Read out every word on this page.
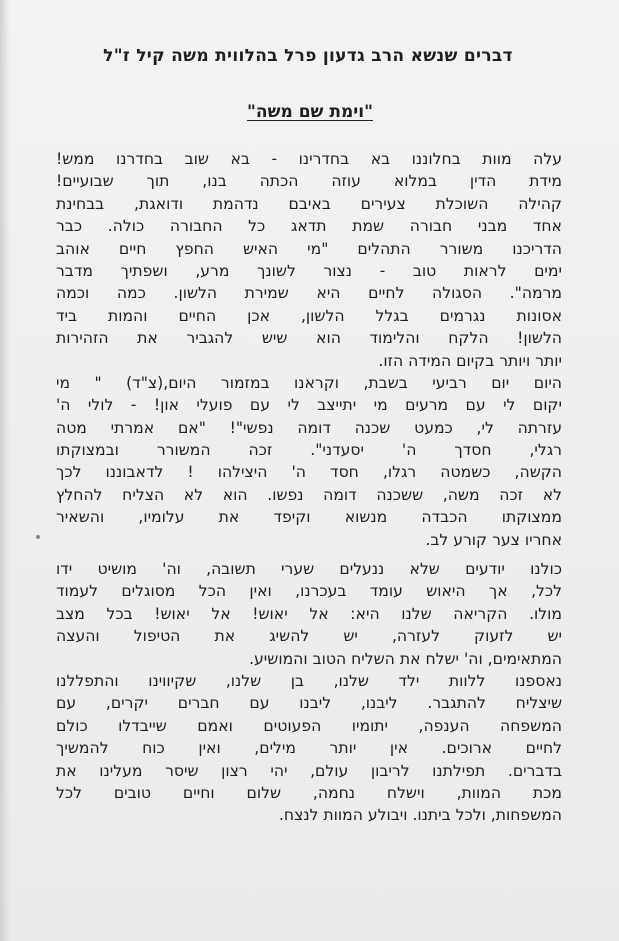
דברים שנשא הרב גדעון פרל בהלווית משה קיל ז"ל
"וימת שם משה"
עלה מוות בחלוננו בא בחדרינו - בא שוב בחדרנו ממש!
מידת הדין במלוא עוזה הכתה בנו, תוך שבועיים!
קהילה השוכלת צעירים באיבם נדהמת ודואגת, בבחינת
אחד מבני חבורה שמת תדאג כל החבורה כולה. כבר
הדריכנו משורר התהלים "מי האיש החפץ חיים אוהב
ימים לראות טוב - נצור לשונך מרע, ושפתיך מדבר
מרמה". הסגולה לחיים היא שמירת הלשון. כמה וכמה
אסונות נגרמים בגלל הלשון, אכן החיים והמות ביד
הלשון! הלקח והלימוד הוא שיש להגביר את הזהירות
יותר ויותר בקיום המידה הזו.
היום יום רביעי בשבת, וקראנו במזמור היום,(צ"ד) " מי
יקום לי עם מרעים מי יתייצב לי עם פועלי און! - לולי ה'
עזרתה לי, כמעט שכנה דומה נפשי"! "אם אמרתי מטה
רגלי, חסדך ה' יסעדני". זכה המשורר ובמצוקתו
הקשה, כשמטה רגלו, חסד ה' היצילהו ! לדאבוננו לכך
לא זכה משה, ששכנה דומה נפשו. הוא לא הצליח להחלץ
ממצוקתו הכבדה מנשוא וקיפד את עלומיו, והשאיר
אחריו צער קורע לב.
כולנו יודעים שלא ננעלים שערי תשובה, וה' מושיט ידו
לכל, אך היאוש עומד בעכרנו, ואין הכל מסוגלים לעמוד
מולו. הקריאה שלנו היא: אל יאוש! אל יאוש! בכל מצב
יש לזעוק לעזרה, יש להשיג את הטיפול והעצה
המתאימים, וה' ישלח את השליח הטוב והמושיע.
נאספנו ללוות ילד שלנו, בן שלנו, שקיווינו והתפללנו
שיצליח להתגבר. ליבנו, ליבנו עם חברים יקרים, עם
המשפחה הענפה, יתומיו הפעוטים ואמם שייבדלו כולם
לחיים ארוכים. אין יותר מילים, ואין כוח להמשיך
בדברים. תפילתנו לריבון עולם, יהי רצון שיסר מעלינו את
מכת המוות, וישלח נחמה, שלום וחיים טובים לכל
המשפחות, ולכל ביתנו. ויבולע המוות לנצח.
